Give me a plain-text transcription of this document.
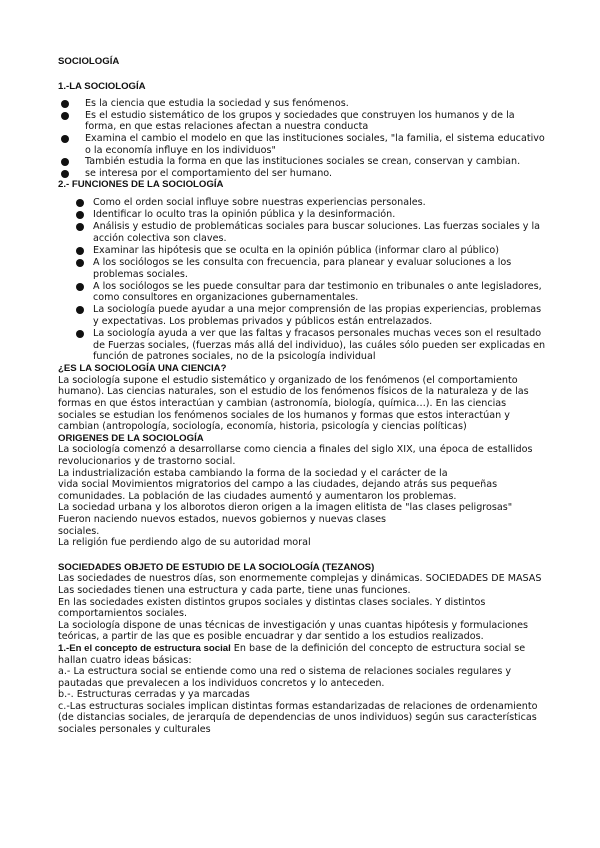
SOCIOLOGÍA
1.-LA SOCIOLOGÍA
Es la ciencia que estudia la sociedad y sus fenómenos.
Es el estudio sistemático de los grupos y sociedades que construyen los humanos y de la forma, en que estas relaciones afectan a nuestra conducta
Examina el cambio el modelo en que las instituciones sociales, "la familia, el sistema educativo o la economía influye en los individuos"
También estudia la forma en que las instituciones sociales se crean, conservan y cambian.
se interesa por el comportamiento del ser humano.
2.- FUNCIONES DE LA SOCIOLOGÍA
Como el orden social influye sobre nuestras experiencias personales.
Identificar lo oculto tras la opinión pública y la desinformación.
Análisis y estudio de problemáticas sociales para buscar soluciones. Las fuerzas sociales y la acción colectiva son claves.
Examinar las hipótesis que se oculta en la opinión pública (informar claro al público)
A los sociólogos se les consulta con frecuencia, para planear y evaluar soluciones a los problemas sociales.
A los sociólogos se les puede consultar para dar testimonio en tribunales o ante legisladores, como consultores en organizaciones gubernamentales.
La sociología puede ayudar a una mejor comprensión de las propias experiencias, problemas y expectativas. Los problemas privados y públicos están entrelazados.
La sociología ayuda a ver que las faltas y fracasos personales muchas veces son el resultado de Fuerzas sociales, (fuerzas más allá del individuo), las cuáles sólo pueden ser explicadas en función de patrones sociales, no de la psicología individual
¿ES LA SOCIOLOGÍA UNA CIENCIA?

La sociología supone el estudio sistemático y organizado de los fenómenos (el comportamiento humano). Las ciencias naturales, son el estudio de los fenómenos físicos de la naturaleza y de las formas en que éstos interactúan y cambian (astronomía, biología, química…). En las ciencias sociales se estudian los fenómenos sociales de los humanos y formas que estos interactúan y cambian (antropología, sociología, economía, historia, psicología y ciencias políticas)

ORIGENES DE LA SOCIOLOGÍA

La sociología comenzó a desarrollarse como ciencia a finales del siglo XIX, una época de estallidos revolucionarios y de trastorno social.

La industrialización estaba cambiando la forma de la sociedad y el carácter de la

vida social Movimientos migratorios del campo a las ciudades, dejando atrás sus pequeñas comunidades. La población de las ciudades aumentó y aumentaron los problemas.

La sociedad urbana y los alborotos dieron origen a la imagen elitista de "las clases peligrosas" Fueron naciendo nuevos estados, nuevos gobiernos y nuevas clases

sociales.

La religión fue perdiendo algo de su autoridad moral

SOCIEDADES OBJETO DE ESTUDIO DE LA SOCIOLOGÍA (TEZANOS)

Las sociedades de nuestros días, son enormemente complejas y dinámicas. SOCIEDADES DE MASAS Las sociedades tienen una estructura y cada parte, tiene unas funciones.

En las sociedades existen distintos grupos sociales y distintas clases sociales. Y distintos comportamientos sociales.

La sociología dispone de unas técnicas de investigación y unas cuantas hipótesis y formulaciones teóricas, a partir de las que es posible encuadrar y dar sentido a los estudios realizados.

1.-En el concepto de estructura social En base de la definición del concepto de estructura social se hallan cuatro ideas básicas:

a.- La estructura social se entiende como una red o sistema de relaciones sociales regulares y pautadas que prevalecen a los individuos concretos y lo anteceden.

b.-. Estructuras cerradas y ya marcadas

c.-Las estructuras sociales implican distintas formas estandarizadas de relaciones de ordenamiento (de distancias sociales, de jerarquía de dependencias de unos individuos) según sus características sociales personales y culturales
